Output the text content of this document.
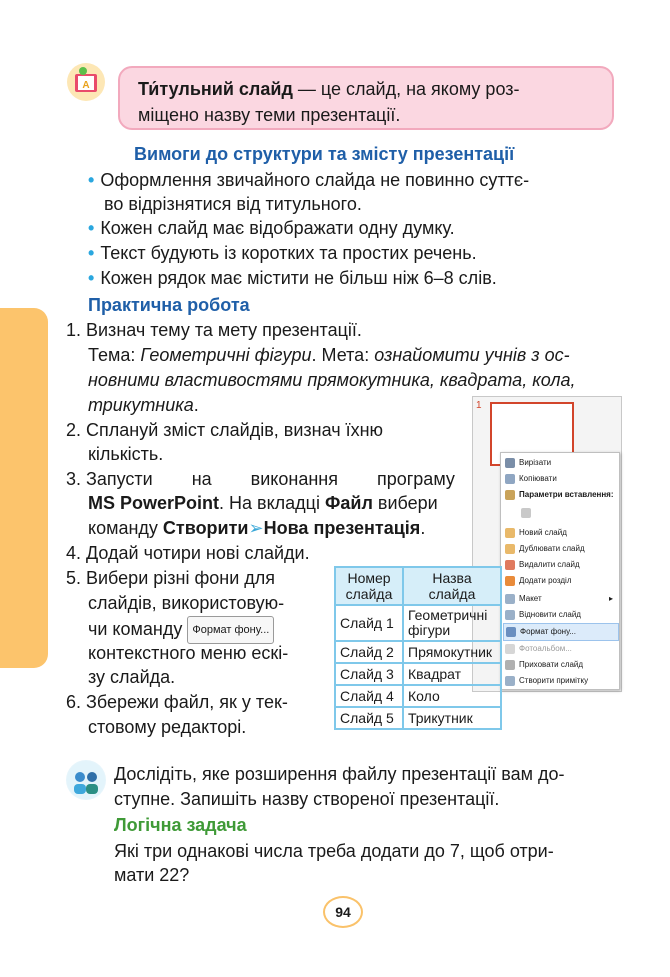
A	Ти́тульний слайд — це слайд, на якому роз-
міщено назву теми презентації.
Вимоги до структури та змісту презентації
• Оформлення звичайного слайда не повинно суттє-
во відрізнятися від титульного.
• Кожен слайд має відображати одну думку.
• Текст будують із коротких та простих речень.
• Кожен рядок має містити не більш ніж 6–8 слів.
Практична робота
1. Визнач тему та мету презентації.
Тема: Геометричні фігури. Мета: ознайомити учнів з ос-
новними властивостями прямокутника, квадрата, кола,
трикутника.
2. Сплануй зміст слайдів, визнач їхню
кількість.
3. Запусти на виконання програму
MS PowerPoint. На вкладці Файл вибери
команду Створити➢Нова презентація.
4. Додай чотири нові слайди.
5. Вибери різні фони для
слайдів, використовую-
чи команду Формат фону...
контекстного меню ескі-
зу слайда.
6. Збережи файл, як у тек-
стовому редакторі.
1
Вирізати
Копіювати
Параметри вставлення:
Новий слайд
Дублювати слайд
Видалити слайд
Додати розділ
Макет	▸
Відновити слайд
Формат фону...
Фотоальбом...
Приховати слайд
Створити примітку
Номер слайда	Назва слайда
Слайд 1	Геометричні фігури
Слайд 2	Прямокутник
Слайд 3	Квадрат
Слайд 4	Коло
Слайд 5	Трикутник
Дослідіть, яке розширення файлу презентації вам до-
ступне. Запишіть назву створеної презентації.
Логічна задача
Які три однакові числа треба додати до 7, щоб отри-
мати 22?
94
